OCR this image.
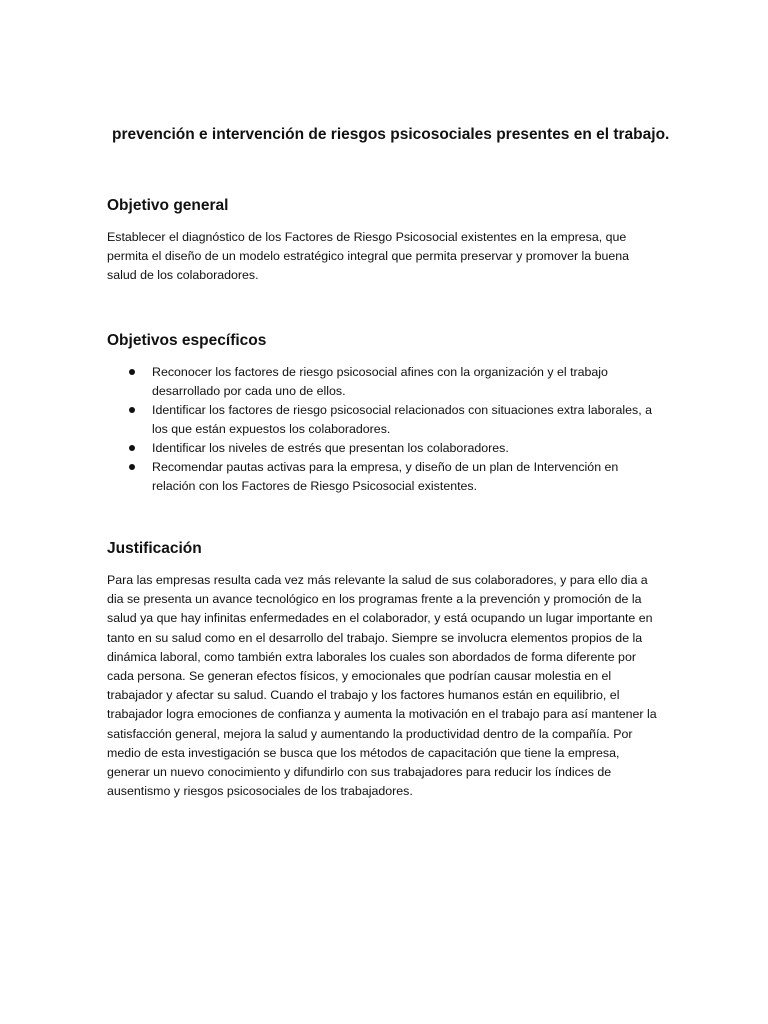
prevención e intervención de riesgos psicosociales presentes en el trabajo.
Objetivo general

Establecer el diagnóstico de los Factores de Riesgo Psicosocial existentes en la empresa, que permita el diseño de un modelo estratégico integral que permita preservar y promover la buena salud de los colaboradores.

Objetivos específicos
Reconocer los factores de riesgo psicosocial afines con la organización y el trabajo desarrollado por cada uno de ellos.
Identificar los factores de riesgo psicosocial relacionados con situaciones extra laborales, a los que están expuestos los colaboradores.
Identificar los niveles de estrés que presentan los colaboradores.
Recomendar pautas activas para la empresa, y diseño de un plan de Intervención en relación con los Factores de Riesgo Psicosocial existentes.
Justificación

Para las empresas resulta cada vez más relevante la salud de sus colaboradores, y para ello dia a dia se presenta un avance tecnológico en los programas frente a la prevención y promoción de la salud ya que hay infinitas enfermedades en el colaborador, y está ocupando un lugar importante en tanto en su salud como en el desarrollo del trabajo. Siempre se involucra elementos propios de la dinámica laboral, como también extra laborales los cuales son abordados de forma diferente por cada persona. Se generan efectos físicos, y emocionales que podrían causar molestia en el trabajador y afectar su salud. Cuando el trabajo y los factores humanos están en equilibrio, el trabajador logra emociones de confianza y aumenta la motivación en el trabajo para así mantener la satisfacción general, mejora la salud y aumentando la productividad dentro de la compañía. Por medio de esta investigación se busca que los métodos de capacitación que tiene la empresa, generar un nuevo conocimiento y difundirlo con sus trabajadores para reducir los índices de ausentismo y riesgos psicosociales de los trabajadores.
